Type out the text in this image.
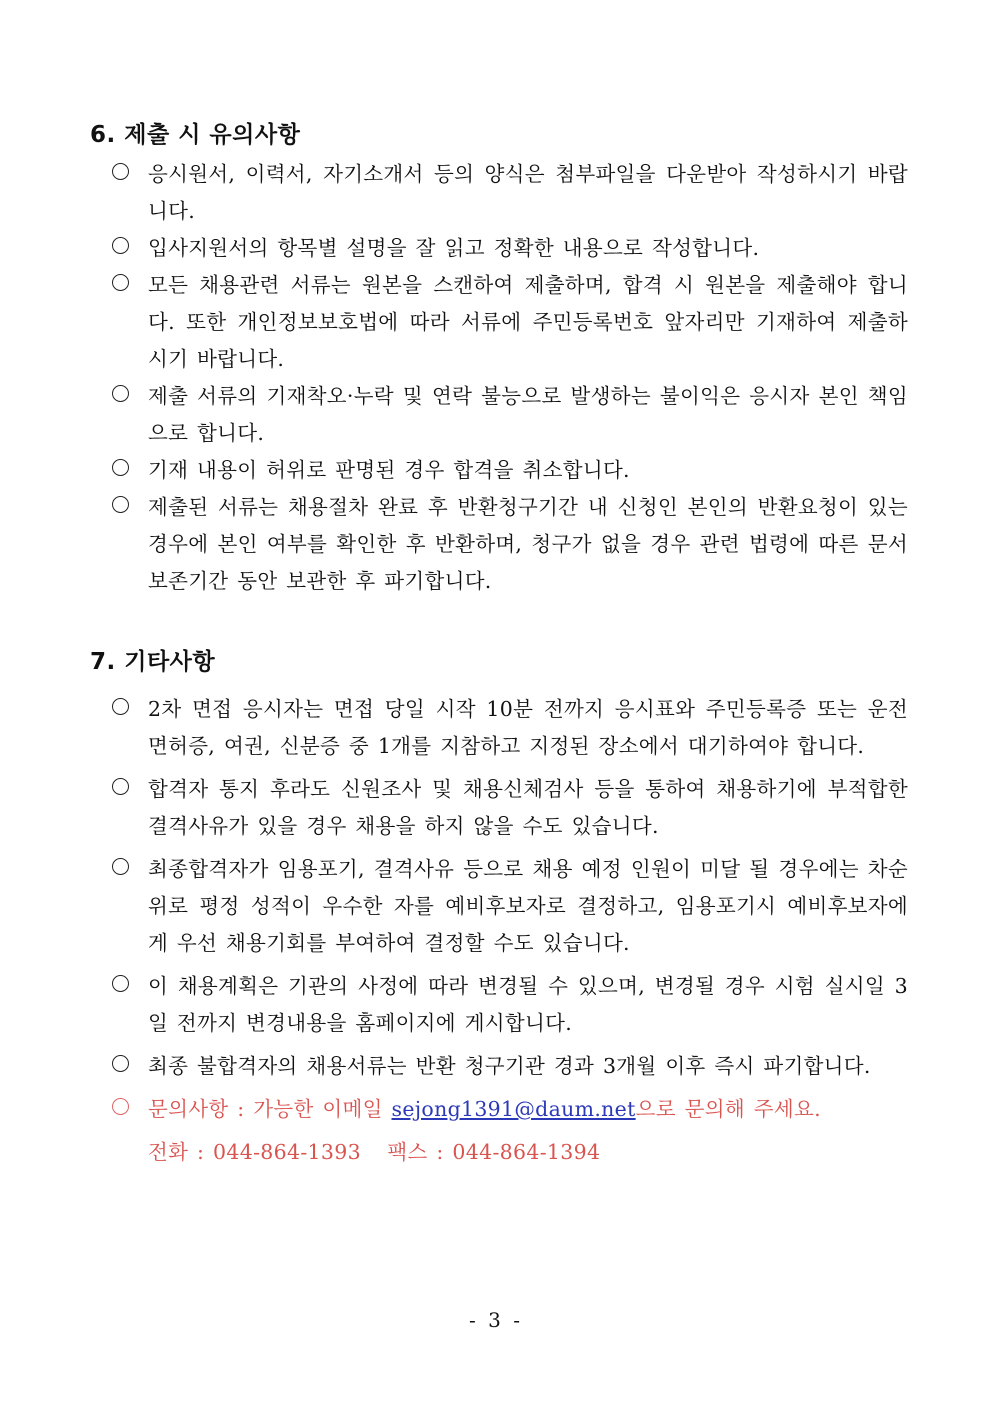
6. 제출 시 유의사항
응시원서, 이력서, 자기소개서 등의 양식은 첨부파일을 다운받아 작성하시기 바랍니다.
입사지원서의 항목별 설명을 잘 읽고 정확한 내용으로 작성합니다.
모든 채용관련 서류는 원본을 스캔하여 제출하며, 합격 시 원본을 제출해야 합니다. 또한 개인정보보호법에 따라 서류에 주민등록번호 앞자리만 기재하여 제출하시기 바랍니다.
제출 서류의 기재착오·누락 및 연락 불능으로 발생하는 불이익은 응시자 본인 책임으로 합니다.
기재 내용이 허위로 판명된 경우 합격을 취소합니다.
제출된 서류는 채용절차 완료 후 반환청구기간 내 신청인 본인의 반환요청이 있는 경우에 본인 여부를 확인한 후 반환하며, 청구가 없을 경우 관련 법령에 따른 문서 보존기간 동안 보관한 후 파기합니다.
7. 기타사항
2차 면접 응시자는 면접 당일 시작 10분 전까지 응시표와 주민등록증 또는 운전면허증, 여권, 신분증 중 1개를 지참하고 지정된 장소에서 대기하여야 합니다.
합격자 통지 후라도 신원조사 및 채용신체검사 등을 통하여 채용하기에 부적합한 결격사유가 있을 경우 채용을 하지 않을 수도 있습니다.
최종합격자가 임용포기, 결격사유 등으로 채용 예정 인원이 미달 될 경우에는 차순위로 평정 성적이 우수한 자를 예비후보자로 결정하고, 임용포기시 예비후보자에게 우선 채용기회를 부여하여 결정할 수도 있습니다.
이 채용계획은 기관의 사정에 따라 변경될 수 있으며, 변경될 경우 시험 실시일 3일 전까지 변경내용을 홈페이지에 게시합니다.
최종 불합격자의 채용서류는 반환 청구기관 경과 3개월 이후 즉시 파기합니다.
문의사항 : 가능한 이메일 sejong1391@daum.net으로 문의해 주세요.
전화 : 044-864-1393   팩스 : 044-864-1394
- 3 -
